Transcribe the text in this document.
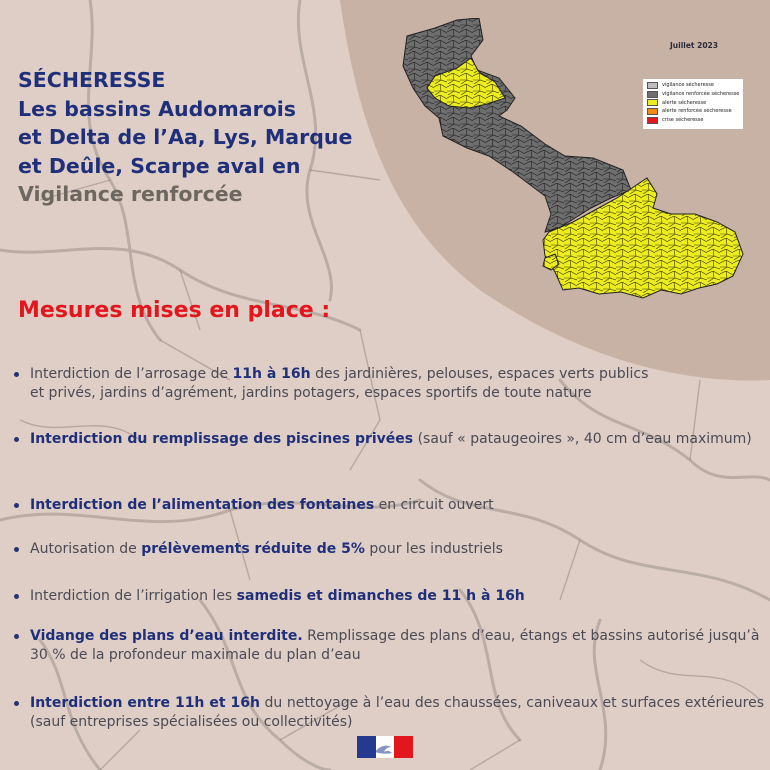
Juillet 2023
vigilance sécheresse
vigilance renforcée sécheresse
alerte sécheresse
alerte renforcée sécheresse
crise sécheresse
SÉCHERESSE
Les bassins Audomarois
et Delta de l’Aa, Lys, Marque
et Deûle, Scarpe aval en
Vigilance renforcée
Mesures mises en place :
Interdiction de l’arrosage de 11h à 16h des jardinières, pelouses, espaces verts publics
et privés, jardins d’agrément, jardins potagers, espaces sportifs de toute nature
Interdiction du remplissage des piscines privées (sauf « pataugeoires », 40 cm d’eau maximum)
Interdiction de l’alimentation des fontaines en circuit ouvert
Autorisation de prélèvements réduite de 5% pour les industriels
Interdiction de l’irrigation les samedis et dimanches de 11 h à 16h
Vidange des plans d’eau interdite. Remplissage des plans d’eau, étangs et bassins autorisé jusqu’à 30 % de la profondeur maximale du plan d’eau
Interdiction entre 11h et 16h du nettoyage à l’eau des chaussées, caniveaux et surfaces extérieures (sauf entreprises spécialisées ou collectivités)
